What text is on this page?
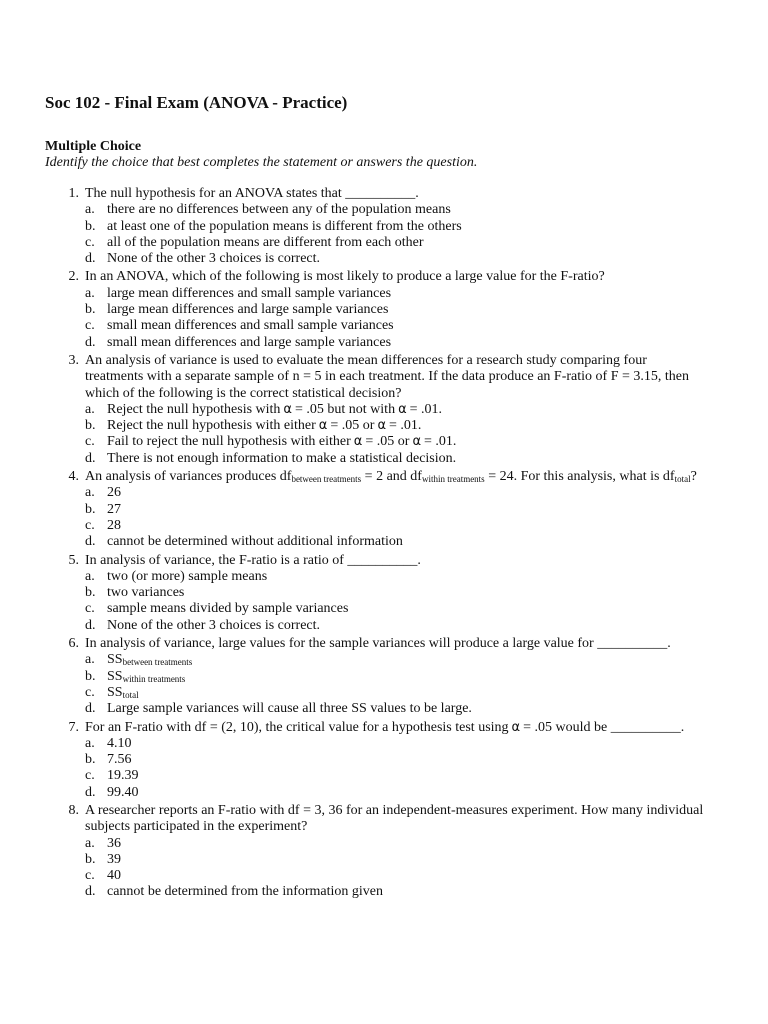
Soc 102 - Final Exam (ANOVA - Practice)
Multiple Choice
Identify the choice that best completes the statement or answers the question.
1. The null hypothesis for an ANOVA states that __________.
a. there are no differences between any of the population means
b. at least one of the population means is different from the others
c. all of the population means are different from each other
d. None of the other 3 choices is correct.
2. In an ANOVA, which of the following is most likely to produce a large value for the F-ratio?
a. large mean differences and small sample variances
b. large mean differences and large sample variances
c. small mean differences and small sample variances
d. small mean differences and large sample variances
3. An analysis of variance is used to evaluate the mean differences for a research study comparing four treatments with a separate sample of n = 5 in each treatment. If the data produce an F-ratio of F = 3.15, then which of the following is the correct statistical decision?
a. Reject the null hypothesis with α = .05 but not with α = .01.
b. Reject the null hypothesis with either α = .05 or α = .01.
c. Fail to reject the null hypothesis with either α = .05 or α = .01.
d. There is not enough information to make a statistical decision.
4. An analysis of variances produces $df_{between treatments} = 2$ and $df_{within treatments} = 24$. For this analysis, what is $df_{total}$?
a. 26
b. 27
c. 28
d. cannot be determined without additional information
5. In analysis of variance, the F-ratio is a ratio of __________.
a. two (or more) sample means
b. two variances
c. sample means divided by sample variances
d. None of the other 3 choices is correct.
6. In analysis of variance, large values for the sample variances will produce a large value for __________.
a. $SS_{between treatments}$
b. $SS_{within treatments}$
c. $SS_{total}$
d. Large sample variances will cause all three SS values to be large.
7. For an F-ratio with df = (2, 10), the critical value for a hypothesis test using α = .05 would be __________.
a. 4.10
b. 7.56
c. 19.39
d. 99.40
8. A researcher reports an F-ratio with df = 3, 36 for an independent-measures experiment. How many individual subjects participated in the experiment?
a. 36
b. 39
c. 40
d. cannot be determined from the information given
